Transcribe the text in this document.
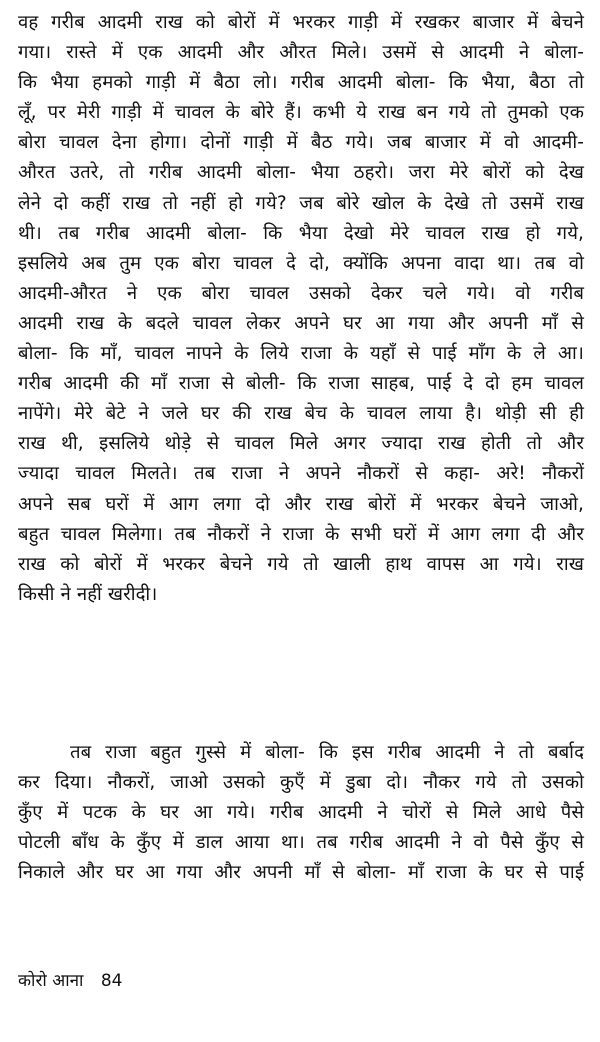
वह गरीब आदमी राख को बोरों में भरकर गाड़ी में रखकर बाजार में बेचने
गया। रास्ते में एक आदमी और औरत मिले। उसमें से आदमी ने बोला-
कि भैया हमको गाड़ी में बैठा लो। गरीब आदमी बोला- कि भैया, बैठा तो
लूँ, पर मेरी गाड़ी में चावल के बोरे हैं। कभी ये राख बन गये तो तुमको एक
बोरा चावल देना होगा। दोनों गाड़ी में बैठ गये। जब बाजार में वो आदमी-
औरत उतरे, तो गरीब आदमी बोला- भैया ठहरो। जरा मेरे बोरों को देख
लेने दो कहीं राख तो नहीं हो गये? जब बोरे खोल के देखे तो उसमें राख
थी। तब गरीब आदमी बोला- कि भैया देखो मेरे चावल राख हो गये,
इसलिये अब तुम एक बोरा चावल दे दो, क्योंकि अपना वादा था। तब वो
आदमी-औरत ने एक बोरा चावल उसको देकर चले गये। वो गरीब
आदमी राख के बदले चावल लेकर अपने घर आ गया और अपनी माँ से
बोला- कि माँ, चावल नापने के लिये राजा के यहाँ से पाई माँग के ले आ।
गरीब आदमी की माँ राजा से बोली- कि राजा साहब, पाई दे दो हम चावल
नापेंगे। मेरे बेटे ने जले घर की राख बेच के चावल लाया है। थोड़ी सी ही
राख थी, इसलिये थोड़े से चावल मिले अगर ज्यादा राख होती तो और
ज्यादा चावल मिलते। तब राजा ने अपने नौकरों से कहा- अरे! नौकरों
अपने सब घरों में आग लगा दो और राख बोरों में भरकर बेचने जाओ,
बहुत चावल मिलेगा। तब नौकरों ने राजा के सभी घरों में आग लगा दी और
राख को बोरों में भरकर बेचने गये तो खाली हाथ वापस आ गये। राख
किसी ने नहीं खरीदी।
तब राजा बहुत गुस्से में बोला- कि इस गरीब आदमी ने तो बर्बाद
कर दिया। नौकरों, जाओ उसको कुएँ में डुबा दो। नौकर गये तो उसको
कुँए में पटक के घर आ गये। गरीब आदमी ने चोरों से मिले आधे पैसे
पोटली बाँध के कुँए में डाल आया था। तब गरीब आदमी ने वो पैसे कुँए से
निकाले और घर आ गया और अपनी माँ से बोला- माँ राजा के घर से पाई
कोरो आना 84
